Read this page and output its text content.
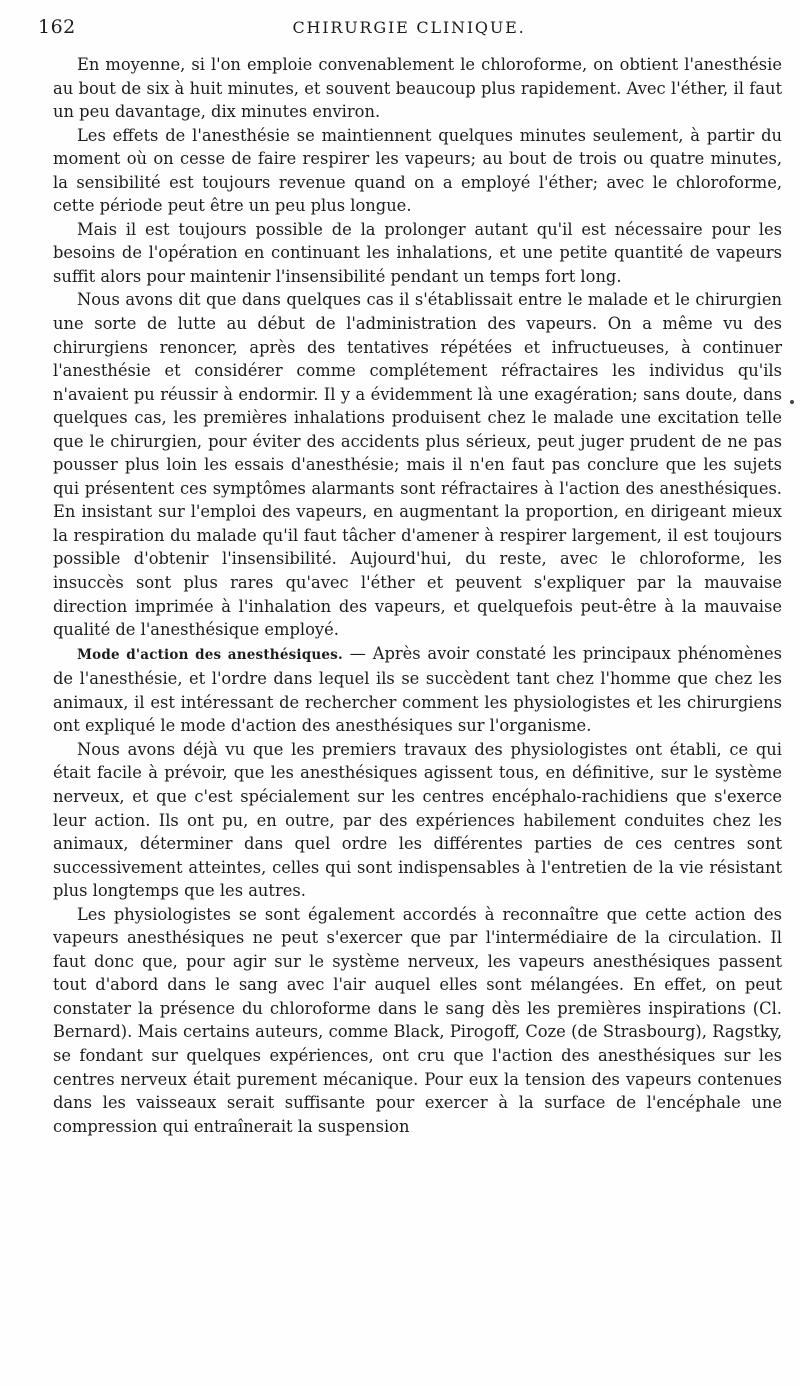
162	CHIRURGIE CLINIQUE.

En moyenne, si l'on emploie convenablement le chloroforme, on obtient l'anesthésie au bout de six à huit minutes, et souvent beaucoup plus rapidement. Avec l'éther, il faut un peu davantage, dix minutes environ.

Les effets de l'anesthésie se maintiennent quelques minutes seulement, à partir du moment où on cesse de faire respirer les vapeurs; au bout de trois ou quatre minutes, la sensibilité est toujours revenue quand on a employé l'éther; avec le chloroforme, cette période peut être un peu plus longue.

Mais il est toujours possible de la prolonger autant qu'il est nécessaire pour les besoins de l'opération en continuant les inhalations, et une petite quantité de vapeurs suffit alors pour maintenir l'insensibilité pendant un temps fort long.

Nous avons dit que dans quelques cas il s'établissait entre le malade et le chirurgien une sorte de lutte au début de l'administration des vapeurs. On a même vu des chirurgiens renoncer, après des tentatives répétées et infructueuses, à continuer l'anesthésie et considérer comme complétement réfractaires les individus qu'ils n'avaient pu réussir à endormir. Il y a évidemment là une exagération; sans doute, dans quelques cas, les premières inhalations produisent chez le malade une excitation telle que le chirurgien, pour éviter des accidents plus sérieux, peut juger prudent de ne pas pousser plus loin les essais d'anesthésie; mais il n'en faut pas conclure que les sujets qui présentent ces symptômes alarmants sont réfractaires à l'action des anesthésiques. En insistant sur l'emploi des vapeurs, en augmentant la proportion, en dirigeant mieux la respiration du malade qu'il faut tâcher d'amener à respirer largement, il est toujours possible d'obtenir l'insensibilité. Aujourd'hui, du reste, avec le chloroforme, les insuccès sont plus rares qu'avec l'éther et peuvent s'expliquer par la mauvaise direction imprimée à l'inhalation des vapeurs, et quelquefois peut-être à la mauvaise qualité de l'anesthésique employé.

Mode d'action des anesthésiques. — Après avoir constaté les principaux phénomènes de l'anesthésie, et l'ordre dans lequel ils se succèdent tant chez l'homme que chez les animaux, il est intéressant de rechercher comment les physiologistes et les chirurgiens ont expliqué le mode d'action des anesthésiques sur l'organisme.

Nous avons déjà vu que les premiers travaux des physiologistes ont établi, ce qui était facile à prévoir, que les anesthésiques agissent tous, en définitive, sur le système nerveux, et que c'est spécialement sur les centres encéphalo-rachidiens que s'exerce leur action. Ils ont pu, en outre, par des expériences habilement conduites chez les animaux, déterminer dans quel ordre les différentes parties de ces centres sont successivement atteintes, celles qui sont indispensables à l'entretien de la vie résistant plus longtemps que les autres.

Les physiologistes se sont également accordés à reconnaître que cette action des vapeurs anesthésiques ne peut s'exercer que par l'intermédiaire de la circulation. Il faut donc que, pour agir sur le système nerveux, les vapeurs anesthésiques passent tout d'abord dans le sang avec l'air auquel elles sont mélangées. En effet, on peut constater la présence du chloroforme dans le sang dès les premières inspirations (Cl. Bernard). Mais certains auteurs, comme Black, Pirogoff, Coze (de Strasbourg), Ragstky, se fondant sur quelques expériences, ont cru que l'action des anesthésiques sur les centres nerveux était purement mécanique. Pour eux la tension des vapeurs contenues dans les vaisseaux serait suffisante pour exercer à la surface de l'encéphale une compression qui entraînerait la suspension
